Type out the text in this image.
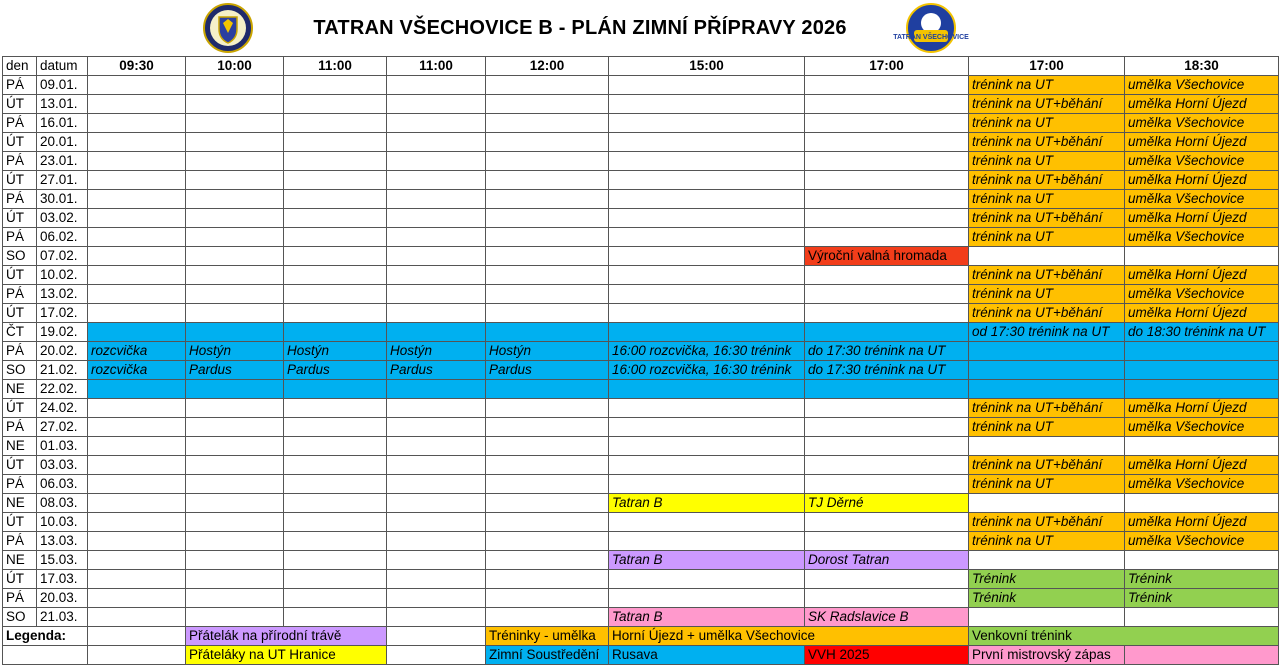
TATRAN VŠECHOVICE B - PLÁN ZIMNÍ PŘÍPRAVY 2026	TATRAN VŠECHOVICE
den	datum	09:30	10:00	11:00	11:00	12:00	15:00	17:00	17:00	18:30
PÁ	09.01.								trénink na UT	umělka Všechovice
ÚT	13.01.								trénink na UT+běhání	umělka Horní Újezd
PÁ	16.01.								trénink na UT	umělka Všechovice
ÚT	20.01.								trénink na UT+běhání	umělka Horní Újezd
PÁ	23.01.								trénink na UT	umělka Všechovice
ÚT	27.01.								trénink na UT+běhání	umělka Horní Újezd
PÁ	30.01.								trénink na UT	umělka Všechovice
ÚT	03.02.								trénink na UT+běhání	umělka Horní Újezd
PÁ	06.02.								trénink na UT	umělka Všechovice
SO	07.02.							Výroční valná hromada		
ÚT	10.02.								trénink na UT+běhání	umělka Horní Újezd
PÁ	13.02.								trénink na UT	umělka Všechovice
ÚT	17.02.								trénink na UT+běhání	umělka Horní Újezd
ČT	19.02.								od 17:30 trénink na UT	do 18:30 trénink na UT
PÁ	20.02.	rozcvička	Hostýn	Hostýn	Hostýn	Hostýn	16:00 rozcvička, 16:30 trénink	do 17:30 trénink na UT		
SO	21.02.	rozcvička	Pardus	Pardus	Pardus	Pardus	16:00 rozcvička, 16:30 trénink	do 17:30 trénink na UT		
NE	22.02.									
ÚT	24.02.								trénink na UT+běhání	umělka Horní Újezd
PÁ	27.02.								trénink na UT	umělka Všechovice
NE	01.03.									
ÚT	03.03.								trénink na UT+běhání	umělka Horní Újezd
PÁ	06.03.								trénink na UT	umělka Všechovice
NE	08.03.						Tatran B	TJ Děrné		
ÚT	10.03.								trénink na UT+běhání	umělka Horní Újezd
PÁ	13.03.								trénink na UT	umělka Všechovice
NE	15.03.						Tatran B	Dorost Tatran		
ÚT	17.03.								Trénink	Trénink
PÁ	20.03.								Trénink	Trénink
SO	21.03.						Tatran B	SK Radslavice B		
Legenda:			Přátelák na přírodní trávě			Tréninky - umělka	Horní Újezd + umělka Všechovice		Venkovní trénink	
			Přáteláky na UT Hranice			Zimní Soustředění	Rusava	VVH 2025	První mistrovský zápas	
